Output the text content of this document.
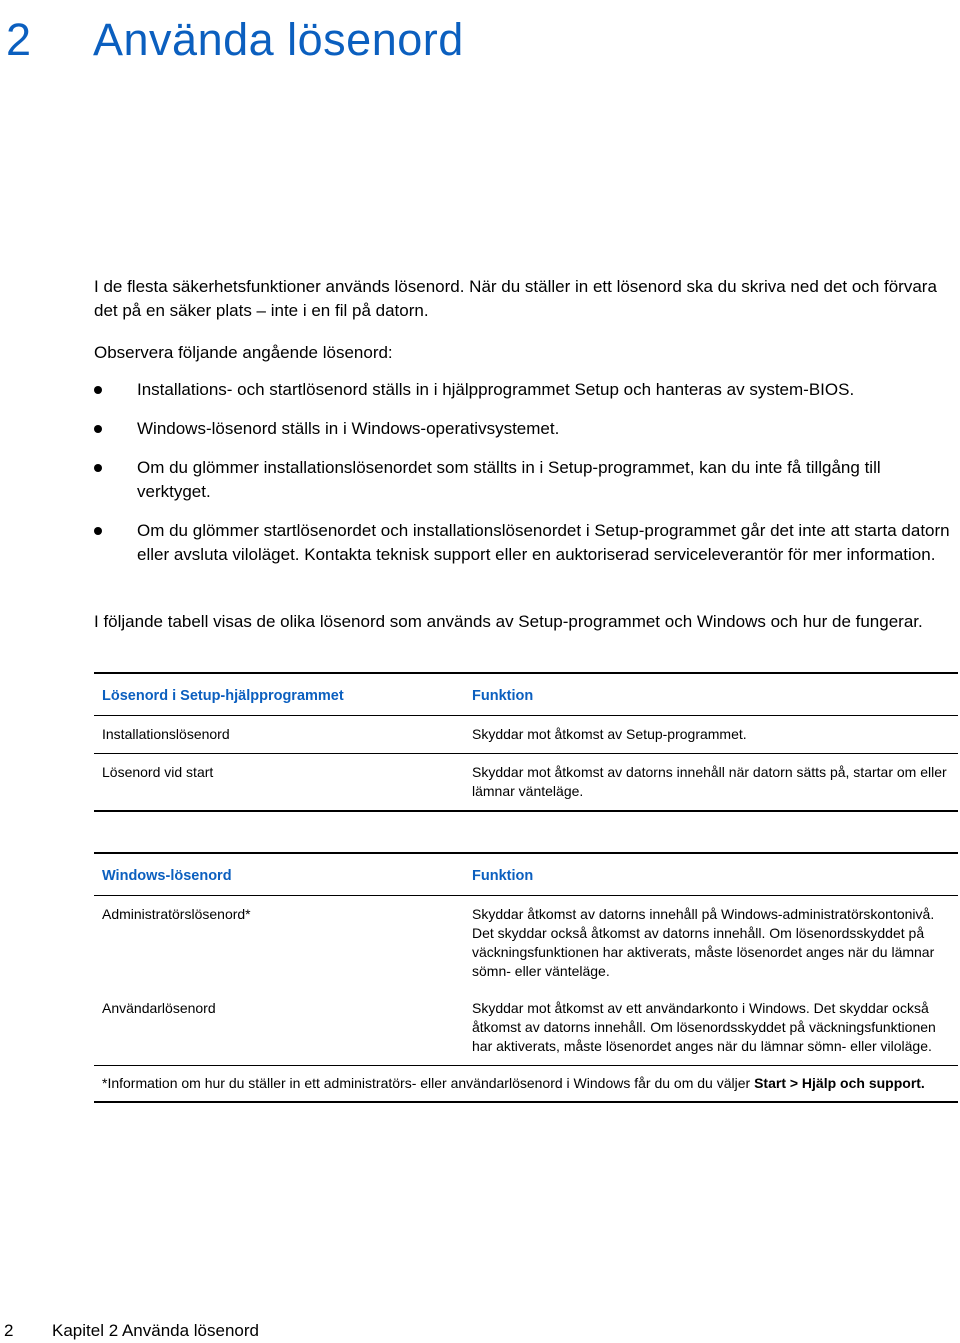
2 Använda lösenord

I de flesta säkerhetsfunktioner används lösenord. När du ställer in ett lösenord ska du skriva ned det och förvara det på en säker plats – inte i en fil på datorn.

Observera följande angående lösenord:

Installations- och startlösenord ställs in i hjälpprogrammet Setup och hanteras av system-BIOS.
Windows-lösenord ställs in i Windows-operativsystemet.
Om du glömmer installationslösenordet som ställts in i Setup-programmet, kan du inte få tillgång till verktyget.
Om du glömmer startlösenordet och installationslösenordet i Setup-programmet går det inte att starta datorn eller avsluta viloläget. Kontakta teknisk support eller en auktoriserad serviceleverantör för mer information.

I följande tabell visas de olika lösenord som används av Setup-programmet och Windows och hur de fungerar.

Lösenord i Setup-hjälpprogrammet	Funktion
Installationslösenord	Skyddar mot åtkomst av Setup-programmet.
Lösenord vid start	Skyddar mot åtkomst av datorns innehåll när datorn sätts på, startar om eller lämnar vänteläge.
Windows-lösenord	Funktion
Administratörslösenord*	Skyddar åtkomst av datorns innehåll på Windows-administratörskontonivå. Det skyddar också åtkomst av datorns innehåll. Om lösenordsskyddet på väckningsfunktionen har aktiverats, måste lösenordet anges när du lämnar sömn- eller vänteläge.
Användarlösenord	Skyddar mot åtkomst av ett användarkonto i Windows. Det skyddar också åtkomst av datorns innehåll. Om lösenordsskyddet på väckningsfunktionen har aktiverats, måste lösenordet anges när du lämnar sömn- eller viloläge.
*Information om hur du ställer in ett administratörs- eller användarlösenord i Windows får du om du väljer Start > Hjälp och support.	
2 Kapitel 2 Använda lösenord
